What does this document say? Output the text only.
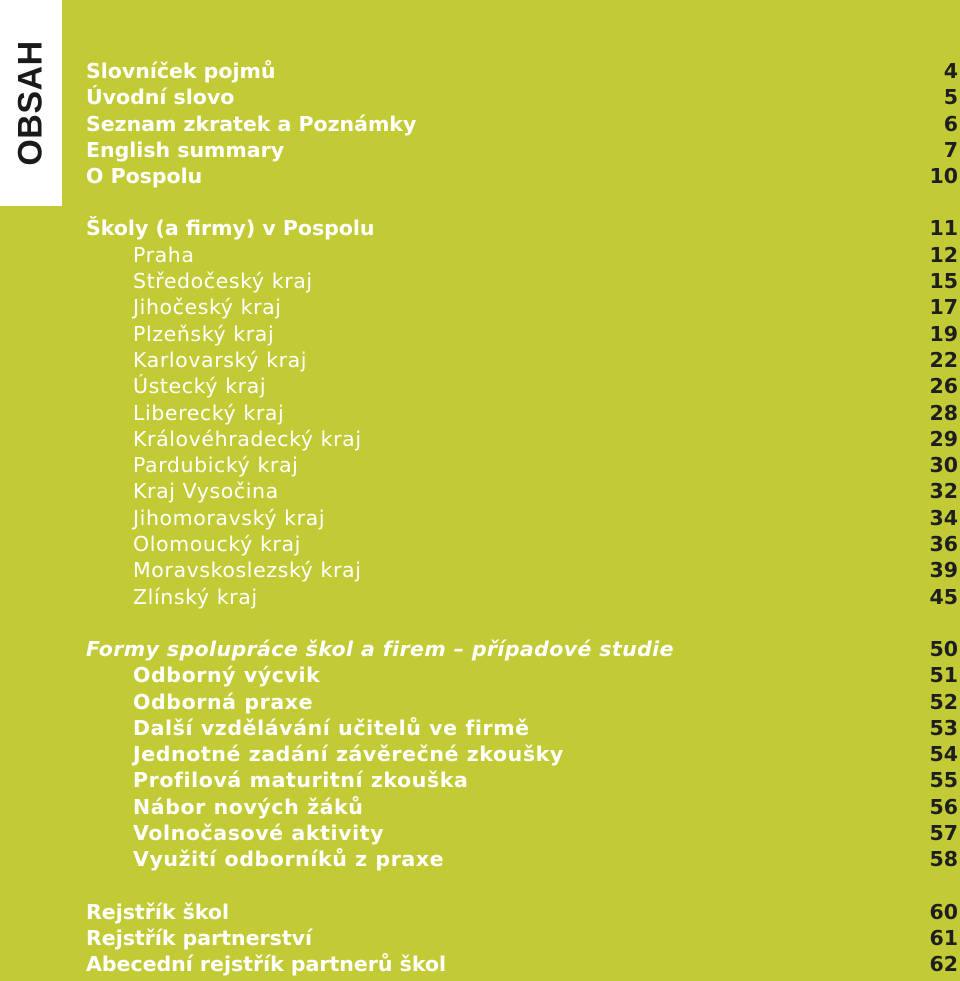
OBSAH Slovníček pojmů	4
Úvodní slovo	5
Seznam zkratek a Poznámky	6
English summary	7
O Pospolu	10
Školy (a firmy) v Pospolu	11
Praha	12
Středočeský kraj	15
Jihočeský kraj	17
Plzeňský kraj	19
Karlovarský kraj	22
Ústecký kraj	26
Liberecký kraj	28
Královéhradecký kraj	29
Pardubický kraj	30
Kraj Vysočina	32
Jihomoravský kraj	34
Olomoucký kraj	36
Moravskoslezský kraj	39
Zlínský kraj	45
Formy spolupráce škol a firem – případové studie	50
Odborný výcvik	51
Odborná praxe	52
Další vzdělávání učitelů ve firmě	53
Jednotné zadání závěrečné zkoušky	54
Profilová maturitní zkouška	55
Nábor nových žáků	56
Volnočasové aktivity	57
Využití odborníků z praxe	58
Rejstřík škol	60
Rejstřík partnerství	61
Abecední rejstřík partnerů škol	62
